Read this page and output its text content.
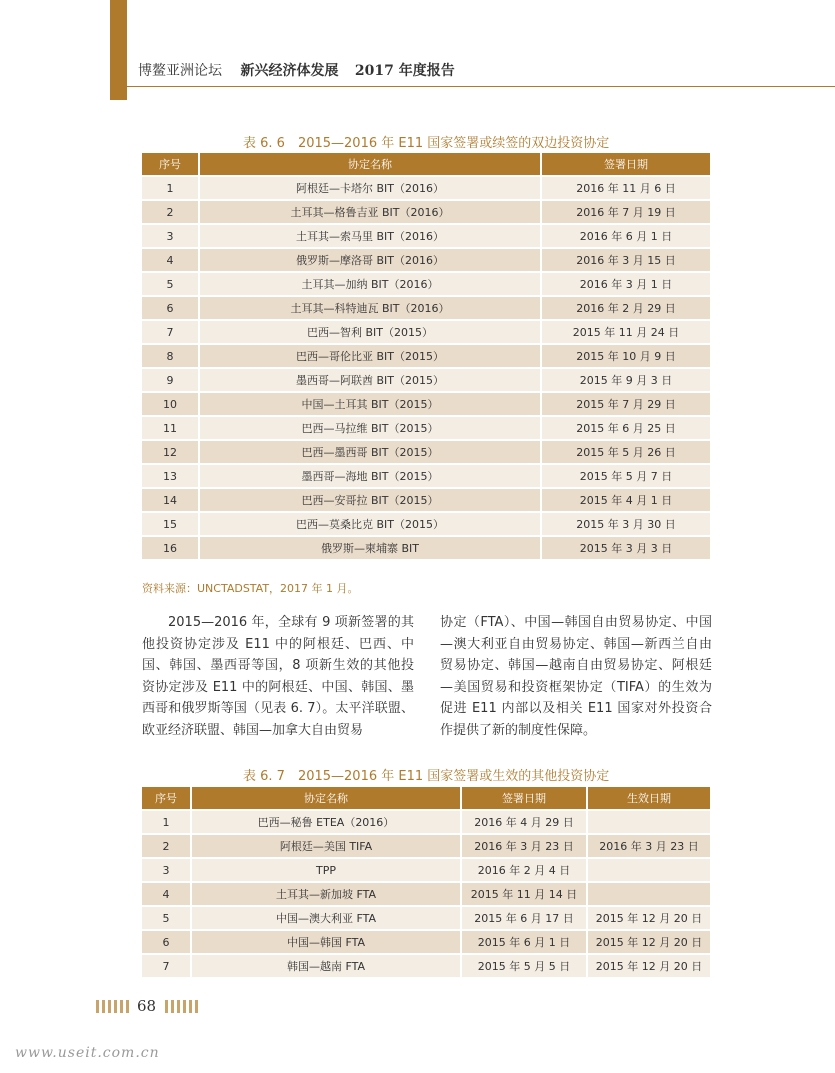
博鳌亚洲论坛 新兴经济体发展 2017 年度报告
表 6. 6　2015—2016 年 E11 国家签署或续签的双边投资协定
序号	协定名称	签署日期
1	阿根廷—卡塔尔 BIT（2016）	2016 年 11 月 6 日
2	土耳其—格鲁吉亚 BIT（2016）	2016 年 7 月 19 日
3	土耳其—索马里 BIT（2016）	2016 年 6 月 1 日
4	俄罗斯—摩洛哥 BIT（2016）	2016 年 3 月 15 日
5	土耳其—加纳 BIT（2016）	2016 年 3 月 1 日
6	土耳其—科特迪瓦 BIT（2016）	2016 年 2 月 29 日
7	巴西—智利 BIT（2015）	2015 年 11 月 24 日
8	巴西—哥伦比亚 BIT（2015）	2015 年 10 月 9 日
9	墨西哥—阿联酋 BIT（2015）	2015 年 9 月 3 日
10	中国—土耳其 BIT（2015）	2015 年 7 月 29 日
11	巴西—马拉维 BIT（2015）	2015 年 6 月 25 日
12	巴西—墨西哥 BIT（2015）	2015 年 5 月 26 日
13	墨西哥—海地 BIT（2015）	2015 年 5 月 7 日
14	巴西—安哥拉 BIT（2015）	2015 年 4 月 1 日
15	巴西—莫桑比克 BIT（2015）	2015 年 3 月 30 日
16	俄罗斯—柬埔寨 BIT	2015 年 3 月 3 日
资料来源：UNCTADSTAT，2017 年 1 月。
2015—2016 年，全球有 9 项新签署的其他投资协定涉及 E11 中的阿根廷、巴西、中国、韩国、墨西哥等国，8 项新生效的其他投资协定涉及 E11 中的阿根廷、中国、韩国、墨西哥和俄罗斯等国（见表 6. 7）。太平洋联盟、欧亚经济联盟、韩国—加拿大自由贸易
协定（FTA）、中国—韩国自由贸易协定、中国—澳大利亚自由贸易协定、韩国—新西兰自由贸易协定、韩国—越南自由贸易协定、阿根廷—美国贸易和投资框架协定（TIFA）的生效为促进 E11 内部以及相关 E11 国家对外投资合作提供了新的制度性保障。
表 6. 7　2015—2016 年 E11 国家签署或生效的其他投资协定
序号	协定名称	签署日期	生效日期
1	巴西—秘鲁 ETEA（2016）	2016 年 4 月 29 日	
2	阿根廷—美国 TIFA	2016 年 3 月 23 日	2016 年 3 月 23 日
3	TPP	2016 年 2 月 4 日	
4	土耳其—新加坡 FTA	2015 年 11 月 14 日	
5	中国—澳大利亚 FTA	2015 年 6 月 17 日	2015 年 12 月 20 日
6	中国—韩国 FTA	2015 年 6 月 1 日	2015 年 12 月 20 日
7	韩国—越南 FTA	2015 年 5 月 5 日	2015 年 12 月 20 日
68
www.useit.com.cn
